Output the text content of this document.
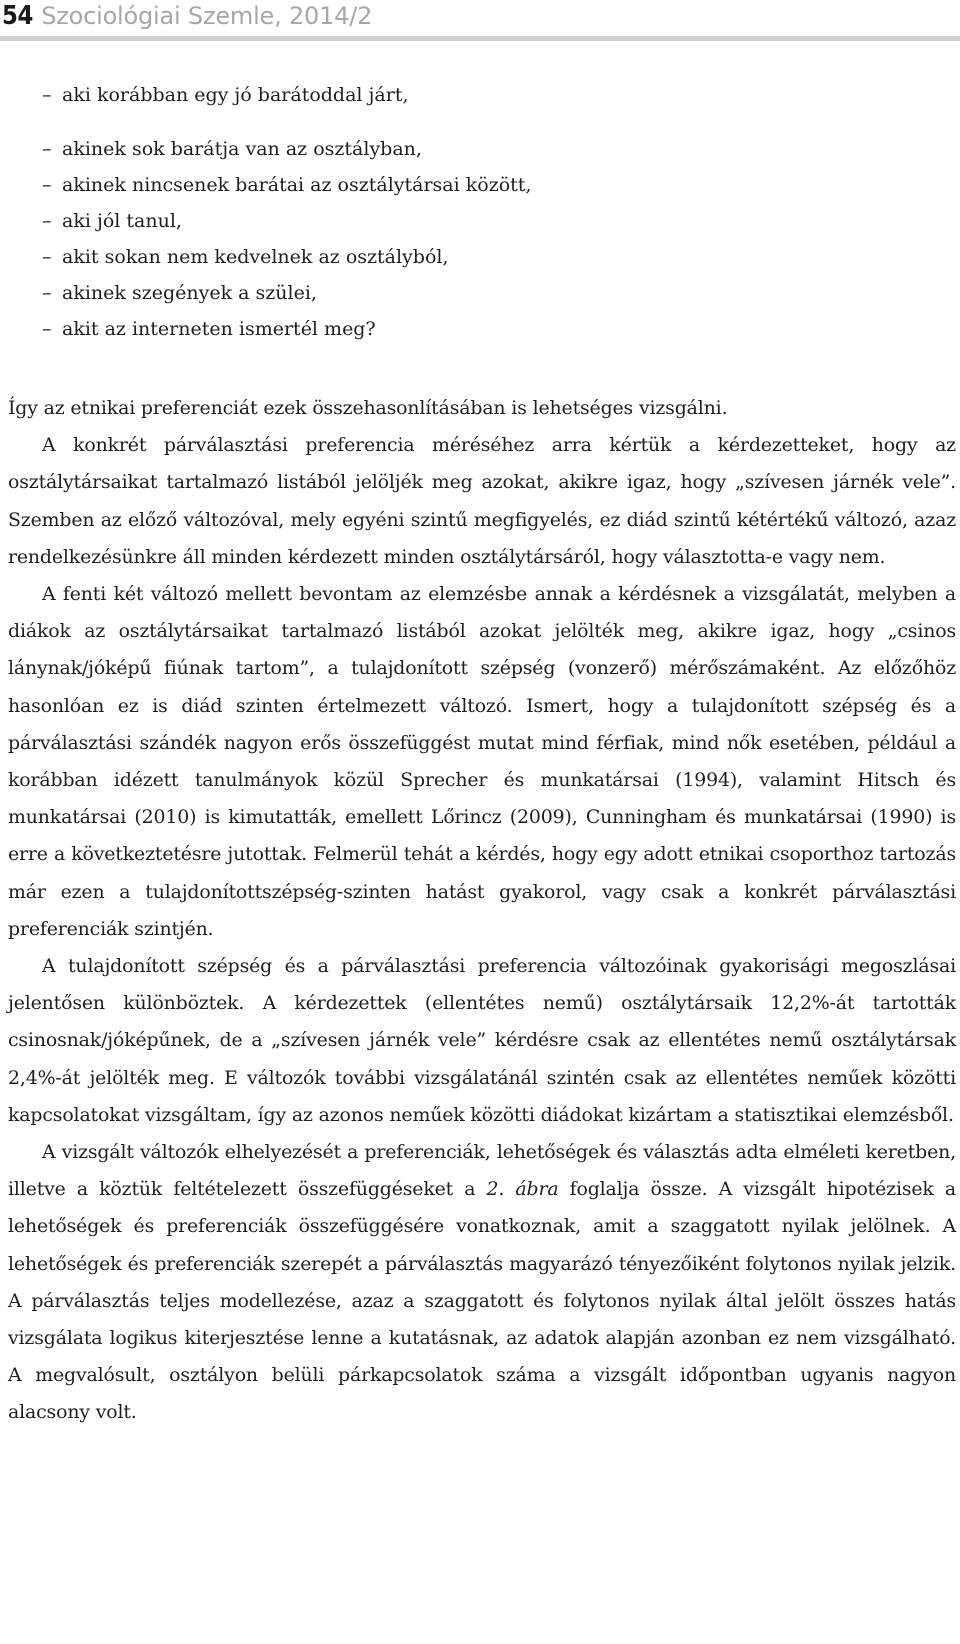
54 Szociológiai Szemle, 2014/2
– aki korábban egy jó barátoddal járt,
– akinek sok barátja van az osztályban,
– akinek nincsenek barátai az osztálytársai között,
– aki jól tanul,
– akit sokan nem kedvelnek az osztályból,
– akinek szegények a szülei,
– akit az interneten ismertél meg?

Így az etnikai preferenciát ezek összehasonlításában is lehetséges vizsgálni.

A konkrét párválasztási preferencia méréséhez arra kértük a kérdezetteket, hogy az osztálytársaikat tartalmazó listából jelöljék meg azokat, akikre igaz, hogy „szívesen járnék vele”. Szemben az előző változóval, mely egyéni szintű megfigyelés, ez diád szintű kétértékű változó, azaz rendelkezésünkre áll minden kérdezett minden osztálytársáról, hogy választotta-e vagy nem.

A fenti két változó mellett bevontam az elemzésbe annak a kérdésnek a vizsgálatát, melyben a diákok az osztálytársaikat tartalmazó listából azokat jelölték meg, akikre igaz, hogy „csinos lánynak/jóképű fiúnak tartom”, a tulajdonított szépség (vonzerő) mérőszámaként. Az előzőhöz hasonlóan ez is diád szinten értelmezett változó. Ismert, hogy a tulajdonított szépség és a párválasztási szándék nagyon erős összefüggést mutat mind férfiak, mind nők esetében, például a korábban idézett tanulmányok közül Sprecher és munkatársai (1994), valamint Hitsch és munkatársai (2010) is kimutatták, emellett Lőrincz (2009), Cunningham és munkatársai (1990) is erre a következtetésre jutottak. Felmerül tehát a kérdés, hogy egy adott etnikai csoporthoz tartozás már ezen a tulajdonítottszépség-szinten hatást gyakorol, vagy csak a konkrét párválasztási preferenciák szintjén.

A tulajdonított szépség és a párválasztási preferencia változóinak gyakorisági megoszlásai jelentősen különböztek. A kérdezettek (ellentétes nemű) osztálytársaik 12,2%-át tartották csinosnak/jóképűnek, de a „szívesen járnék vele” kérdésre csak az ellentétes nemű osztálytársak 2,4%-át jelölték meg. E változók további vizsgálatánál szintén csak az ellentétes neműek közötti kapcsolatokat vizsgáltam, így az azonos neműek közötti diádokat kizártam a statisztikai elemzésből.

A vizsgált változók elhelyezését a preferenciák, lehetőségek és választás adta elméleti keretben, illetve a köztük feltételezett összefüggéseket a 2. ábra foglalja össze. A vizsgált hipotézisek a lehetőségek és preferenciák összefüggésére vonatkoznak, amit a szaggatott nyilak jelölnek. A lehetőségek és preferenciák szerepét a párválasztás magyarázó tényezőiként folytonos nyilak jelzik. A párválasztás teljes modellezése, azaz a szaggatott és folytonos nyilak által jelölt összes hatás vizsgálata logikus kiterjesztése lenne a kutatásnak, az adatok alapján azonban ez nem vizsgálható. A megvalósult, osztályon belüli párkapcsolatok száma a vizsgált időpontban ugyanis nagyon alacsony volt.
